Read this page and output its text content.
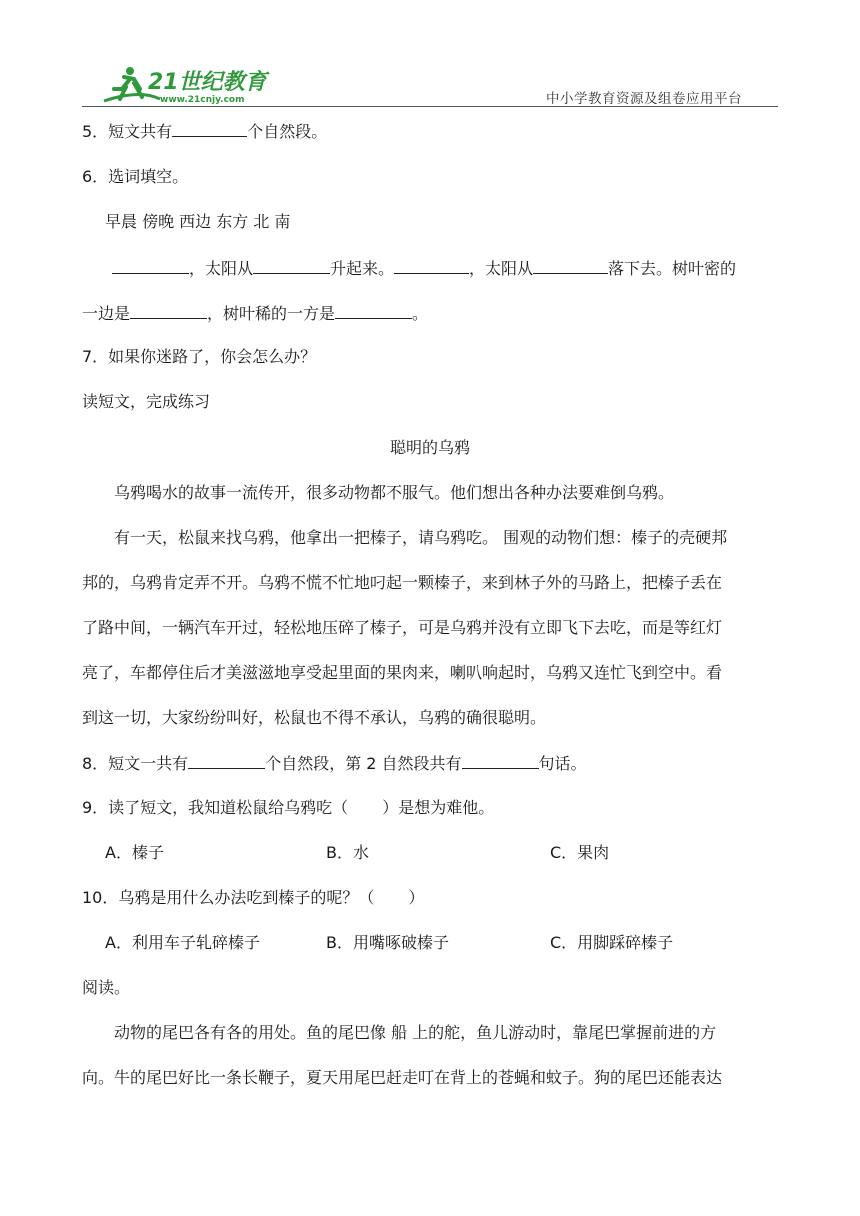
21世纪教育
www.21cnjy.com	中小学教育资源及组卷应用平台
5．短文共有	个自然段。
6．选词填空。
早晨 傍晚 西边 东方 北 南
，太阳从	升起来。	，太阳从	落下去。树叶密的
一边是	，树叶稀的一方是	。
7．如果你迷路了，你会怎么办？
读短文，完成练习
聪明的乌鸦
乌鸦喝水的故事一流传开，很多动物都不服气。他们想出各种办法要难倒乌鸦。
有一天，松鼠来找乌鸦，他拿出一把榛子，请乌鸦吃。 围观的动物们想：榛子的壳硬邦
邦的，乌鸦肯定弄不开。乌鸦不慌不忙地叼起一颗榛子，来到林子外的马路上，把榛子丢在
了路中间，一辆汽车开过，轻松地压碎了榛子，可是乌鸦并没有立即飞下去吃，而是等红灯
亮了，车都停住后才美滋滋地享受起里面的果肉来，喇叭响起时，乌鸦又连忙飞到空中。看
到这一切，大家纷纷叫好，松鼠也不得不承认，乌鸦的确很聪明。
8．短文一共有	个自然段，第 2 自然段共有	句话。
9．读了短文，我知道松鼠给乌鸦吃（ ）是想为难他。
A．榛子	B．水	C．果肉
10．乌鸦是用什么办法吃到榛子的呢？（ ）
A．利用车子轧碎榛子	B．用嘴啄破榛子	C．用脚踩碎榛子
阅读。
动物的尾巴各有各的用处。鱼的尾巴像 船 上的舵，鱼儿游动时，靠尾巴掌握前进的方
向。牛的尾巴好比一条长鞭子，夏天用尾巴赶走叮在背上的苍蝇和蚊子。狗的尾巴还能表达
